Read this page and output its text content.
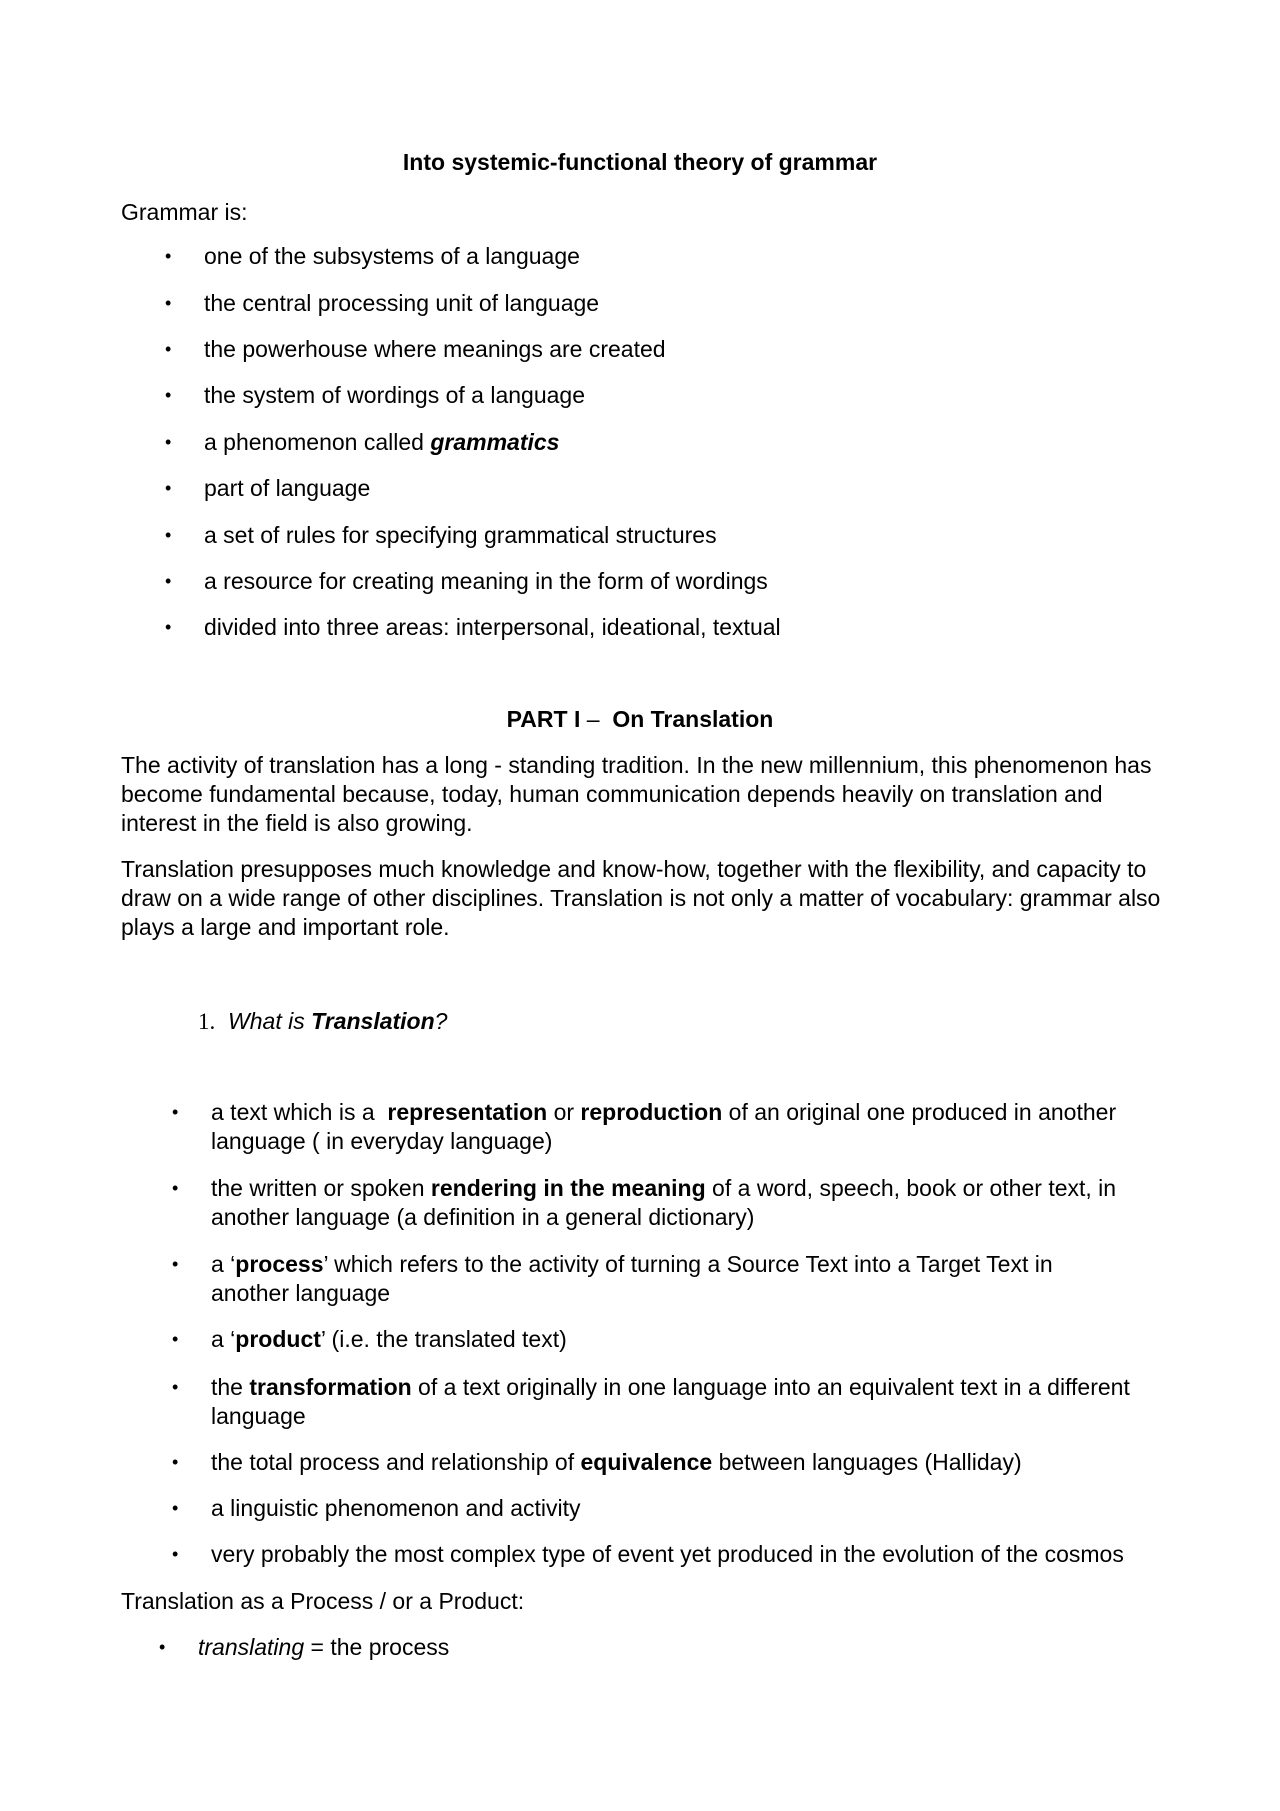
Into systemic-functional theory of grammar

Grammar is:

• one of the subsystems of a language
• the central processing unit of language
• the powerhouse where meanings are created
• the system of wordings of a language
• a phenomenon called grammatics
• part of language
• a set of rules for specifying grammatical structures
• a resource for creating meaning in the form of wordings
• divided into three areas: interpersonal, ideational, textual

PART I – On Translation

The activity of translation has a long - standing tradition. In the new millennium, this phenomenon has become fundamental because, today, human communication depends heavily on translation and interest in the field is also growing.

Translation presupposes much knowledge and know-how, together with the flexibility, and capacity to draw on a wide range of other disciplines. Translation is not only a matter of vocabulary: grammar also plays a large and important role.

1. What is Translation?

• a text which is a  representation or reproduction of an original one produced in another
language ( in everyday language)
• the written or spoken rendering in the meaning of a word, speech, book or other text, in
another language (a definition in a general dictionary)
• a ‘process’ which refers to the activity of turning a Source Text into a Target Text in
another language
• a ‘product’ (i.e. the translated text)
• the transformation of a text originally in one language into an equivalent text in a different
language
• the total process and relationship of equivalence between languages (Halliday)
• a linguistic phenomenon and activity
• very probably the most complex type of event yet produced in the evolution of the cosmos

Translation as a Process / or a Product:

• translating = the process
